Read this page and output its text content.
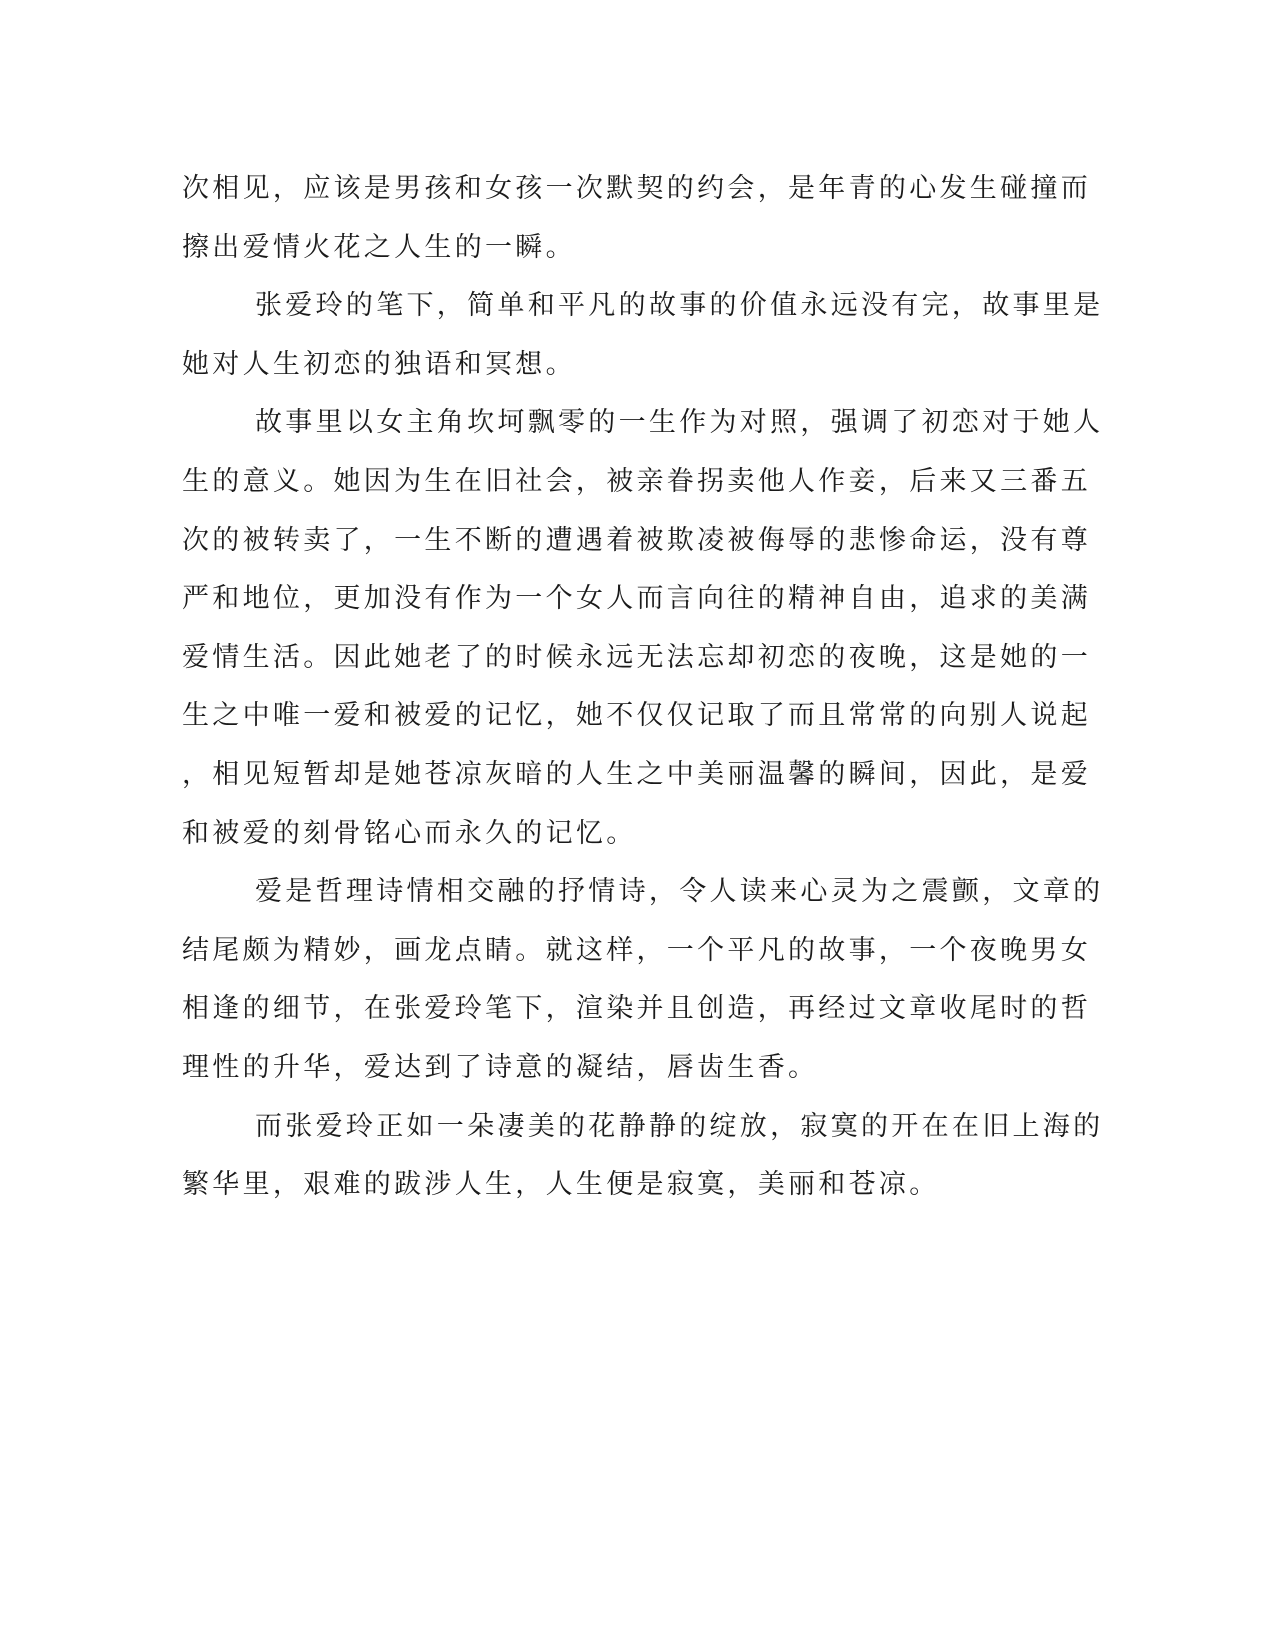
次相见，应该是男孩和女孩一次默契的约会，是年青的心发生碰撞而
擦出爱情火花之人生的一瞬。

张爱玲的笔下，简单和平凡的故事的价值永远没有完，故事里是
她对人生初恋的独语和冥想。

故事里以女主角坎坷飘零的一生作为对照，强调了初恋对于她人
生的意义。她因为生在旧社会，被亲眷拐卖他人作妾，后来又三番五
次的被转卖了，一生不断的遭遇着被欺凌被侮辱的悲惨命运，没有尊
严和地位，更加没有作为一个女人而言向往的精神自由，追求的美满
爱情生活。因此她老了的时候永远无法忘却初恋的夜晚，这是她的一
生之中唯一爱和被爱的记忆，她不仅仅记取了而且常常的向别人说起
，相见短暂却是她苍凉灰暗的人生之中美丽温馨的瞬间，因此，是爱
和被爱的刻骨铭心而永久的记忆。

爱是哲理诗情相交融的抒情诗，令人读来心灵为之震颤，文章的
结尾颇为精妙，画龙点睛。就这样，一个平凡的故事，一个夜晚男女
相逢的细节，在张爱玲笔下，渲染并且创造，再经过文章收尾时的哲
理性的升华，爱达到了诗意的凝结，唇齿生香。

而张爱玲正如一朵凄美的花静静的绽放，寂寞的开在在旧上海的
繁华里，艰难的跋涉人生，人生便是寂寞，美丽和苍凉。
